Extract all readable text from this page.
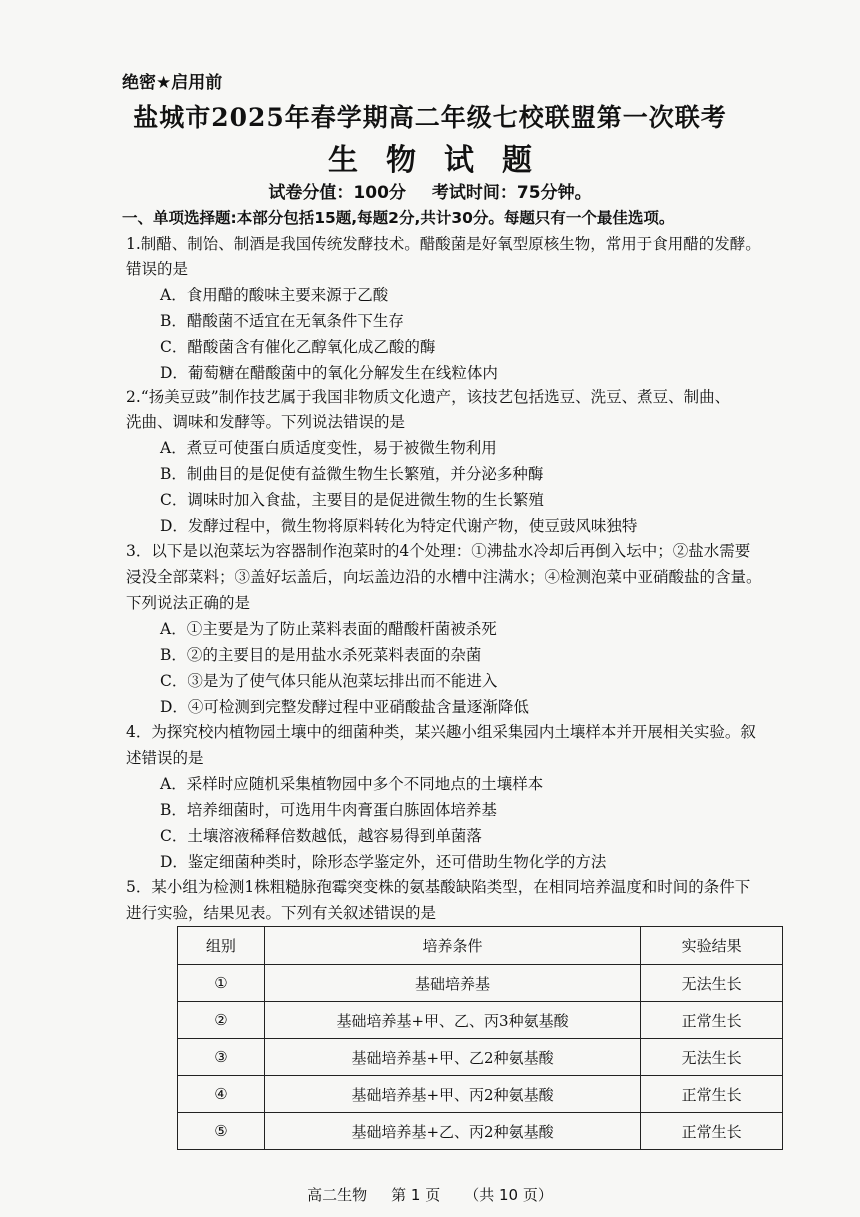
绝密★启用前
盐城市2025年春学期高二年级七校联盟第一次联考
生 物 试 题
试卷分值：100分 考试时间：75分钟。
一、单项选择题:本部分包括15题,每题2分,共计30分。每题只有一个最佳选项。
1.制醋、制饴、制酒是我国传统发酵技术。醋酸菌是好氧型原核生物，常用于食用醋的发酵。
错误的是
A．食用醋的酸味主要来源于乙酸
B．醋酸菌不适宜在无氧条件下生存
C．醋酸菌含有催化乙醇氧化成乙酸的酶
D．葡萄糖在醋酸菌中的氧化分解发生在线粒体内
2.“扬美豆豉”制作技艺属于我国非物质文化遗产，该技艺包括选豆、洗豆、煮豆、制曲、
洗曲、调味和发酵等。下列说法错误的是
A．煮豆可使蛋白质适度变性，易于被微生物利用
B．制曲目的是促使有益微生物生长繁殖，并分泌多种酶
C．调味时加入食盐，主要目的是促进微生物的生长繁殖
D．发酵过程中，微生物将原料转化为特定代谢产物，使豆豉风味独特
3．以下是以泡菜坛为容器制作泡菜时的4个处理：①沸盐水冷却后再倒入坛中；②盐水需要
浸没全部菜料；③盖好坛盖后，向坛盖边沿的水槽中注满水；④检测泡菜中亚硝酸盐的含量。
下列说法正确的是
A．①主要是为了防止菜料表面的醋酸杆菌被杀死
B．②的主要目的是用盐水杀死菜料表面的杂菌
C．③是为了使气体只能从泡菜坛排出而不能进入
D．④可检测到完整发酵过程中亚硝酸盐含量逐渐降低
4．为探究校内植物园土壤中的细菌种类，某兴趣小组采集园内土壤样本并开展相关实验。叙
述错误的是
A．采样时应随机采集植物园中多个不同地点的土壤样本
B．培养细菌时，可选用牛肉膏蛋白胨固体培养基
C．土壤溶液稀释倍数越低，越容易得到单菌落
D．鉴定细菌种类时，除形态学鉴定外，还可借助生物化学的方法
5．某小组为检测1株粗糙脉孢霉突变株的氨基酸缺陷类型，在相同培养温度和时间的条件下
进行实验，结果见表。下列有关叙述错误的是
组别	培养条件	实验结果
①	基础培养基	无法生长
②	基础培养基+甲、乙、丙3种氨基酸	正常生长
③	基础培养基+甲、乙2种氨基酸	无法生长
④	基础培养基+甲、丙2种氨基酸	正常生长
⑤	基础培养基+乙、丙2种氨基酸	正常生长
高二生物 第 1 页 （共 10 页）
